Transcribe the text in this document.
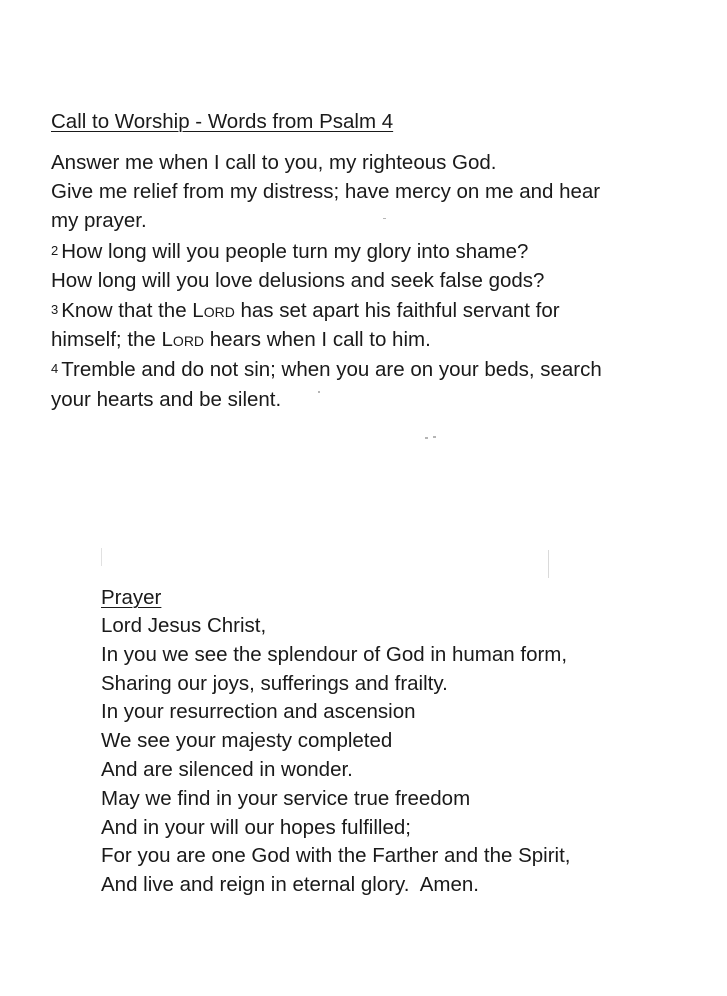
Call to Worship - Words from Psalm 4
Answer me when I call to you, my righteous God.
Give me relief from my distress; have mercy on me and hear
my prayer.
2 How long will you people turn my glory into shame?
How long will you love delusions and seek false gods?
3 Know that the Lord has set apart his faithful servant for
himself; the Lord hears when I call to him.
4 Tremble and do not sin; when you are on your beds, search
your hearts and be silent.
Prayer
Lord Jesus Christ,
In you we see the splendour of God in human form,
Sharing our joys, sufferings and frailty.
In your resurrection and ascension
We see your majesty completed
And are silenced in wonder.
May we find in your service true freedom
And in your will our hopes fulfilled;
For you are one God with the Farther and the Spirit,
And live and reign in eternal glory.  Amen.
